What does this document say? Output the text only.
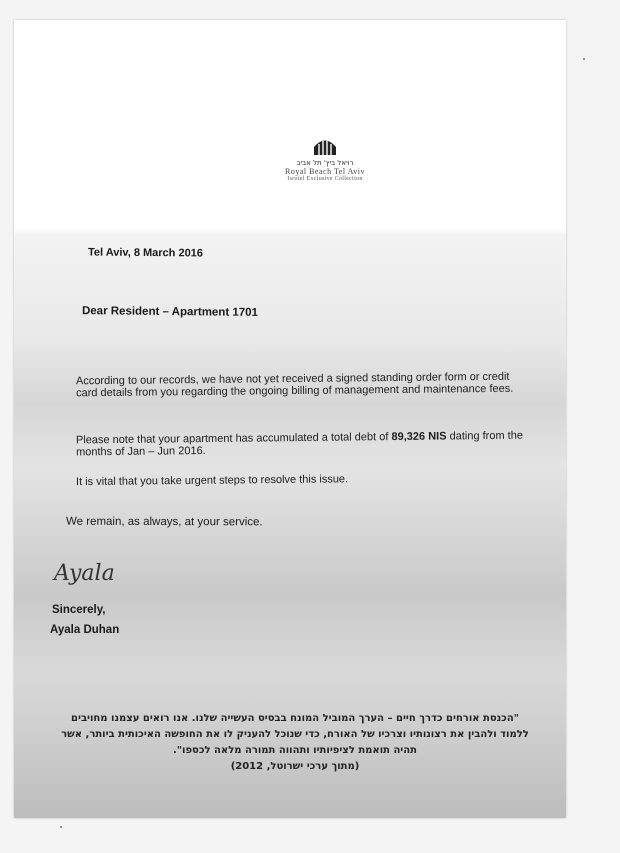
רויאל ביץ' תל אביב
Royal Beach Tel Aviv
Isrotel Exclusive Collection
Tel Aviv, 8 March 2016
Dear Resident – Apartment 1701
According to our records, we have not yet received a signed standing order form or credit card details from you regarding the ongoing billing of management and maintenance fees.
Please note that your apartment has accumulated a total debt of 89,326 NIS dating from the months of Jan – Jun 2016.
It is vital that you take urgent steps to resolve this issue.
We remain, as always, at your service.
Ayala
Sincerely,
Ayala Duhan
"הכנסת אורחים כדרך חיים – הערך המוביל המונח בבסיס העשייה שלנו. אנו רואים עצמנו מחויבים
ללמוד ולהבין את רצונותיו וצרכיו של האורח, כדי שנוכל להעניק לו את החופשה האיכותית ביותר, אשר
תהיה תואמת לציפיותיו ותהווה תמורה מלאה לכספו".
(מתוך ערכי ישרוטל, 2012)
